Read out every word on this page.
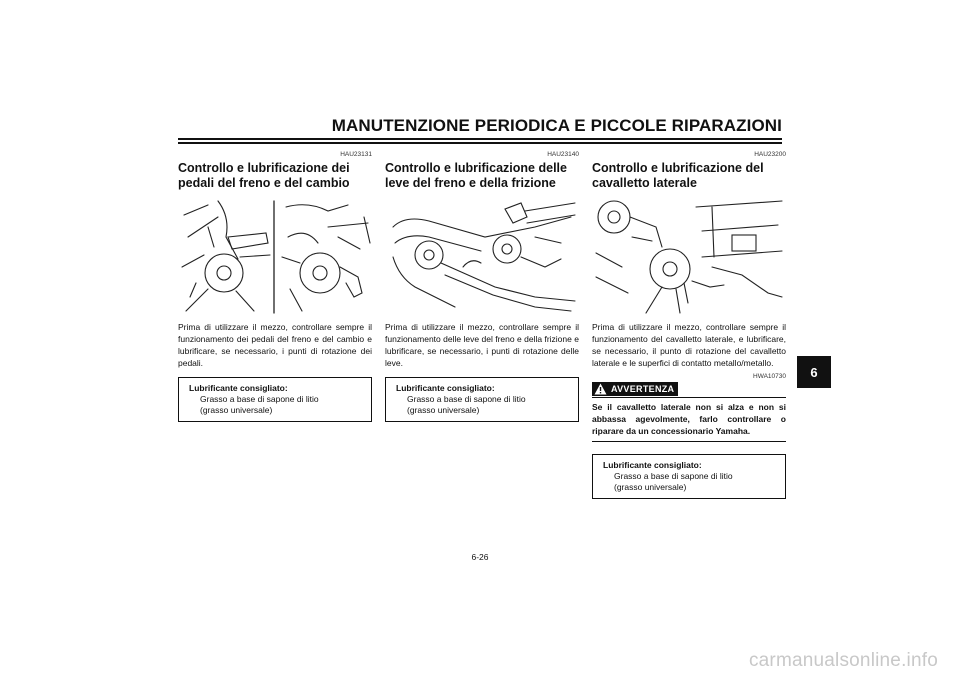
MANUTENZIONE PERIODICA E PICCOLE RIPARAZIONI
6
HAU23131
Controllo e lubrificazione dei pedali del freno e del cambio
Prima di utilizzare il mezzo, controllare sempre il funzionamento dei pedali del freno e del cambio e lubrificare, se necessario, i punti di rotazione dei pedali.
Lubrificante consigliato:
Grasso a base di sapone di litio
(grasso universale)
HAU23140
Controllo e lubrificazione delle leve del freno e della frizione
Prima di utilizzare il mezzo, controllare sempre il funzionamento delle leve del freno e della frizione e lubrificare, se necessario, i punti di rotazione delle leve.
Lubrificante consigliato:
Grasso a base di sapone di litio
(grasso universale)
HAU23200
Controllo e lubrificazione del cavalletto laterale
Prima di utilizzare il mezzo, controllare sempre il funzionamento del cavalletto laterale, e lubrificare, se necessario, il punto di rotazione del cavalletto laterale e le superfici di contatto metallo/metallo.
HWA10730
AVVERTENZA
Se il cavalletto laterale non si alza e non si abbassa agevolmente, farlo controllare o riparare da un concessionario Yamaha.
Lubrificante consigliato:
Grasso a base di sapone di litio
(grasso universale)
6-26
carmanualsonline.info
